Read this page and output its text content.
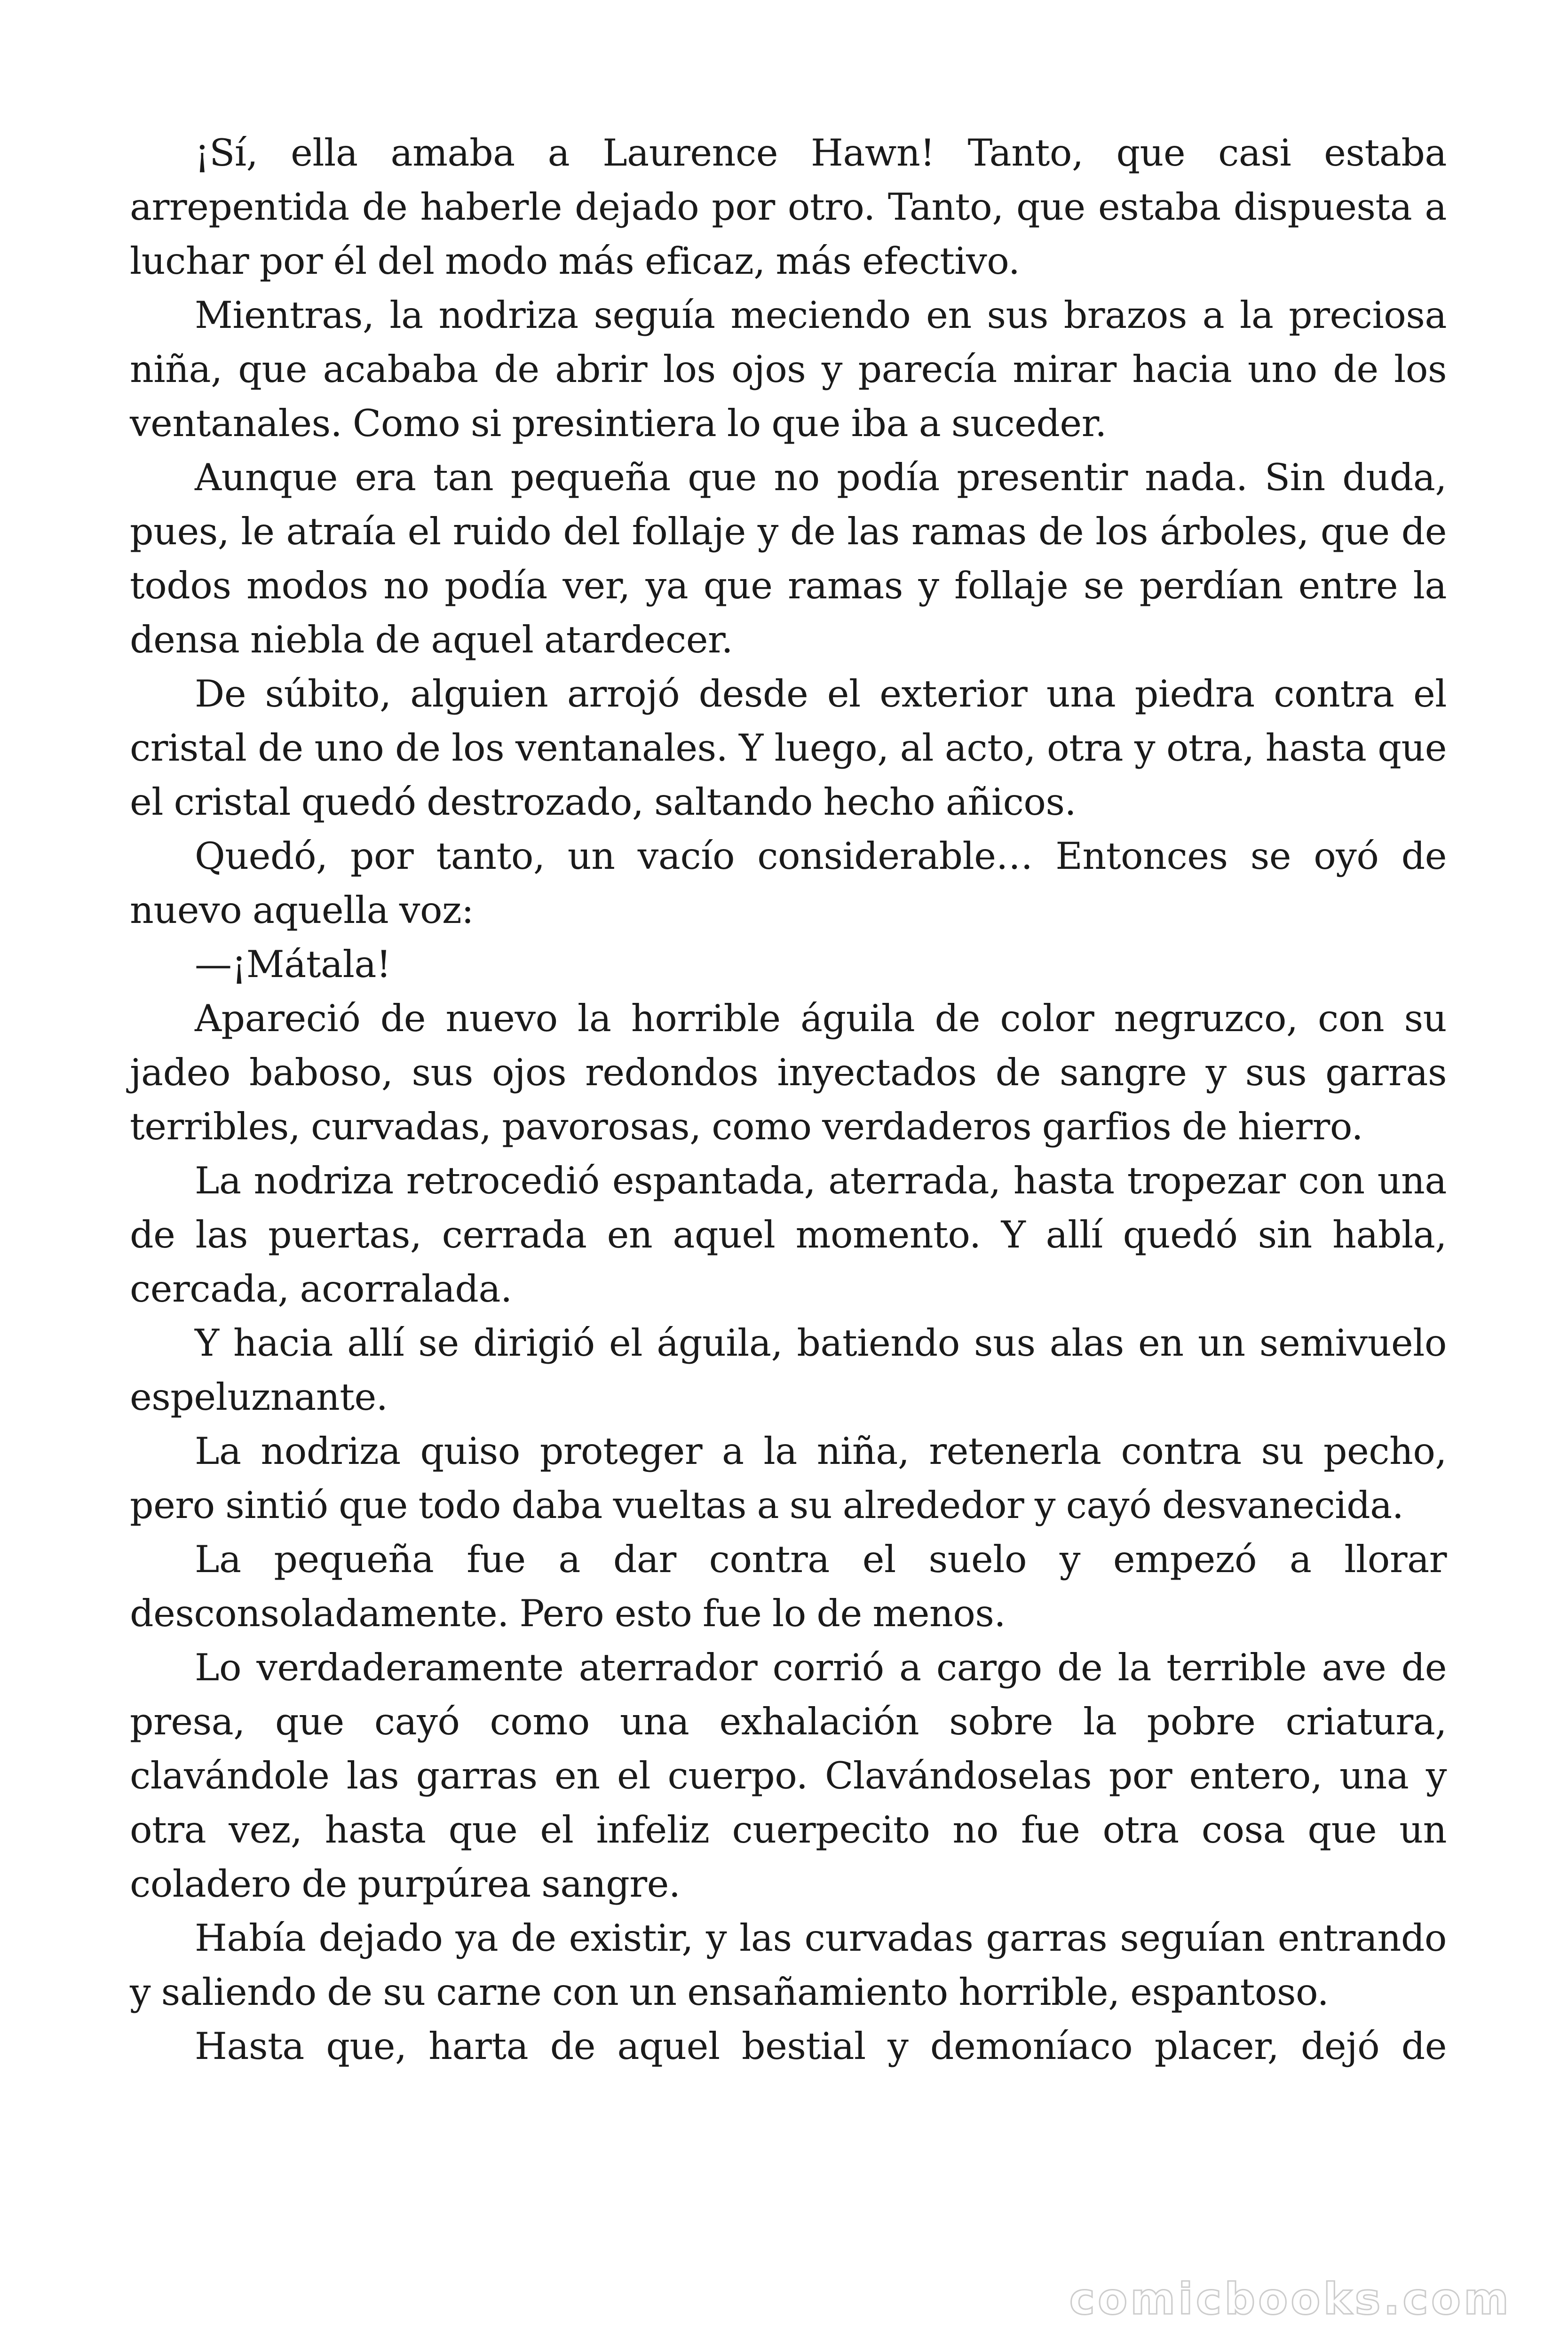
¡Sí, ella amaba a Laurence Hawn! Tanto, que casi estaba arrepentida de haberle dejado por otro. Tanto, que estaba dispuesta a luchar por él del modo más eficaz, más efectivo.

Mientras, la nodriza seguía meciendo en sus brazos a la preciosa niña, que acababa de abrir los ojos y parecía mirar hacia uno de los ventanales. Como si presintiera lo que iba a suceder.

Aunque era tan pequeña que no podía presentir nada. Sin duda, pues, le atraía el ruido del follaje y de las ramas de los árboles, que de todos modos no podía ver, ya que ramas y follaje se perdían entre la densa niebla de aquel atardecer.

De súbito, alguien arrojó desde el exterior una piedra contra el cristal de uno de los ventanales. Y luego, al acto, otra y otra, hasta que el cristal quedó destrozado, saltando hecho añicos.

Quedó, por tanto, un vacío considerable… Entonces se oyó de nuevo aquella voz:

—¡Mátala!

Apareció de nuevo la horrible águila de color negruzco, con su jadeo baboso, sus ojos redondos inyectados de sangre y sus garras terribles, curvadas, pavorosas, como verdaderos garfios de hierro.

La nodriza retrocedió espantada, aterrada, hasta tropezar con una de las puertas, cerrada en aquel momento. Y allí quedó sin habla, cercada, acorralada.

Y hacia allí se dirigió el águila, batiendo sus alas en un semivuelo espeluznante.

La nodriza quiso proteger a la niña, retenerla contra su pecho, pero sintió que todo daba vueltas a su alrededor y cayó desvanecida.

La pequeña fue a dar contra el suelo y empezó a llorar desconsoladamente. Pero esto fue lo de menos.

Lo verdaderamente aterrador corrió a cargo de la terrible ave de presa, que cayó como una exhalación sobre la pobre criatura, clavándole las garras en el cuerpo. Clavándoselas por entero, una y otra vez, hasta que el infeliz cuerpecito no fue otra cosa que un coladero de purpúrea sangre.

Había dejado ya de existir, y las curvadas garras seguían entrando y saliendo de su carne con un ensañamiento horrible, espantoso.

Hasta que, harta de aquel bestial y demoníaco placer, dejó de

comicbooks.com
